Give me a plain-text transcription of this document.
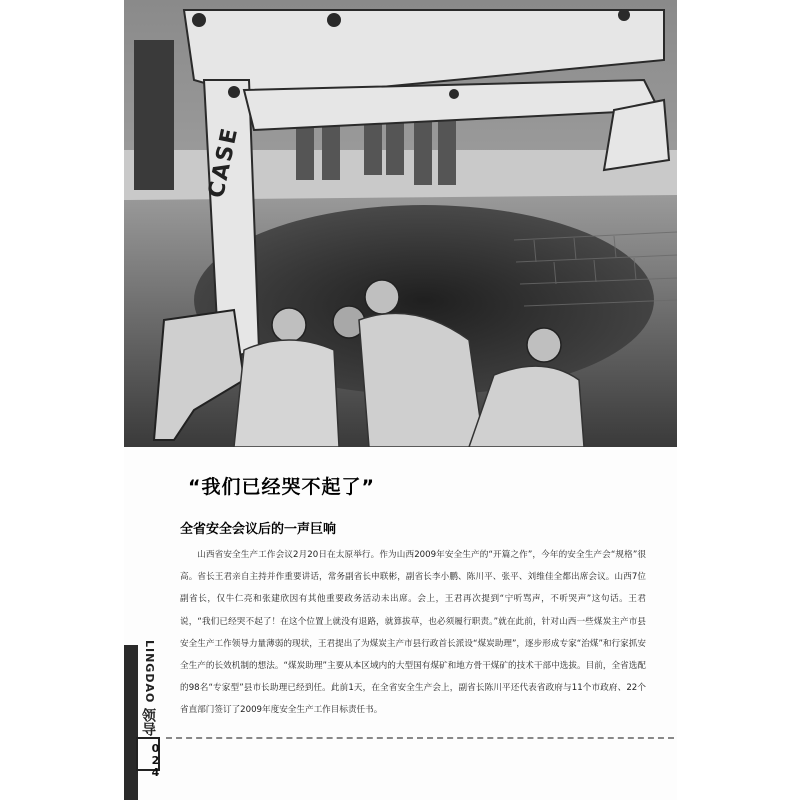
CASE
LINGDAO
领导
024
“我们已经哭不起了”
全省安全会议后的一声巨响
山西省安全生产工作会议2月20日在太原举行。作为山西2009年安全生产的“开篇之作”，今年的安全生产会“规格”很高。省长王君亲自主持并作重要讲话，常务副省长申联彬，副省长李小鹏、陈川平、张平、刘维佳全都出席会议。山西7位副省长，仅牛仁亮和张建欣因有其他重要政务活动未出席。会上，王君再次提到“宁听骂声，不听哭声”这句话。王君说，“我们已经哭不起了！在这个位置上就没有退路，就算拔草，也必须履行职责。”就在此前，针对山西一些煤炭主产市县安全生产工作领导力量薄弱的现状，王君提出了为煤炭主产市县行政首长派设“煤炭助理”，逐步形成专家“治煤”和行家抓安全生产的长效机制的想法。“煤炭助理”主要从本区域内的大型国有煤矿和地方骨干煤矿的技术干部中选拔。目前，全省选配的98名“专家型”县市长助理已经到任。此前1天，在全省安全生产会上，副省长陈川平还代表省政府与11个市政府、22个省直部门签订了2009年度安全生产工作目标责任书。
